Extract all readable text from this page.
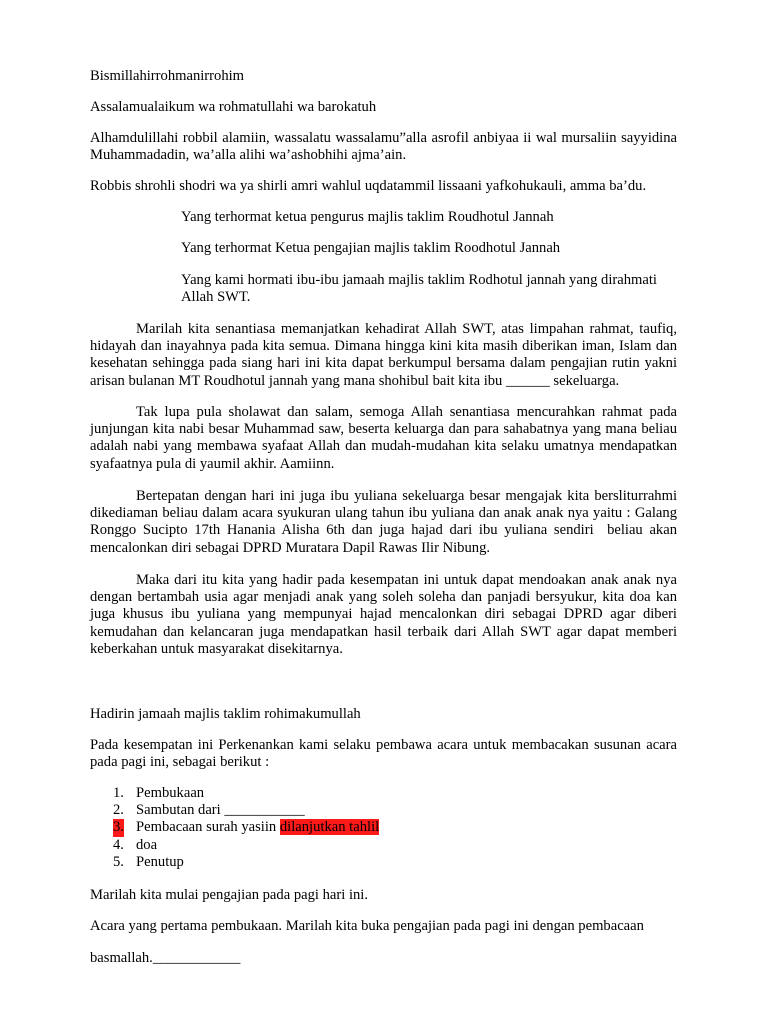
Bismillahirrohmanirrohim

Assalamualaikum wa rohmatullahi wa barokatuh

Alhamdulillahi robbil alamiin, wassalatu wassalamu”alla asrofil anbiyaa ii wal mursaliin sayyidina Muhammadadin, wa’alla alihi wa’ashobhihi ajma’ain.

Robbis shrohli shodri wa ya shirli amri wahlul uqdatammil lissaani yafkohukauli, amma ba’du.

Yang terhormat ketua pengurus majlis taklim Roudhotul Jannah

Yang terhormat Ketua pengajian majlis taklim Roodhotul Jannah

Yang kami hormati ibu-ibu jamaah majlis taklim Rodhotul jannah yang dirahmati Allah SWT.

Marilah kita senantiasa memanjatkan kehadirat Allah SWT, atas limpahan rahmat, taufiq, hidayah dan inayahnya pada kita semua. Dimana hingga kini kita masih diberikan iman, Islam dan kesehatan sehingga pada siang hari ini kita dapat berkumpul bersama dalam pengajian rutin yakni arisan bulanan MT Roudhotul jannah yang mana shohibul bait kita ibu ______ sekeluarga.

Tak lupa pula sholawat dan salam, semoga Allah senantiasa mencurahkan rahmat pada junjungan kita nabi besar Muhammad saw, beserta keluarga dan para sahabatnya yang mana beliau adalah nabi yang membawa syafaat Allah dan mudah-mudahan kita selaku umatnya mendapatkan syafaatnya pula di yaumil akhir. Aamiinn.

Bertepatan dengan hari ini juga ibu yuliana sekeluarga besar mengajak kita bersliturrahmi dikediaman beliau dalam acara syukuran ulang tahun ibu yuliana dan anak anak nya yaitu : Galang Ronggo Sucipto 17th Hanania Alisha 6th dan juga hajad dari ibu yuliana sendiri  beliau akan mencalonkan diri sebagai DPRD Muratara Dapil Rawas Ilir Nibung.

Maka dari itu kita yang hadir pada kesempatan ini untuk dapat mendoakan anak anak nya dengan bertambah usia agar menjadi anak yang soleh soleha dan panjadi bersyukur, kita doa kan juga khusus ibu yuliana yang mempunyai hajad mencalonkan diri sebagai DPRD agar diberi kemudahan dan kelancaran juga mendapatkan hasil terbaik dari Allah SWT agar dapat memberi keberkahan untuk masyarakat disekitarnya.

Hadirin jamaah majlis taklim rohimakumullah

Pada kesempatan ini Perkenankan kami selaku pembawa acara untuk membacakan susunan acara pada pagi ini, sebagai berikut :

1. Pembukaan
2. Sambutan dari ___________
3. Pembacaan surah yasiin dilanjutkan tahlil
4. doa
5. Penutup

Marilah kita mulai pengajian pada pagi hari ini.

Acara yang pertama pembukaan. Marilah kita buka pengajian pada pagi ini dengan pembacaan

basmallah.____________
